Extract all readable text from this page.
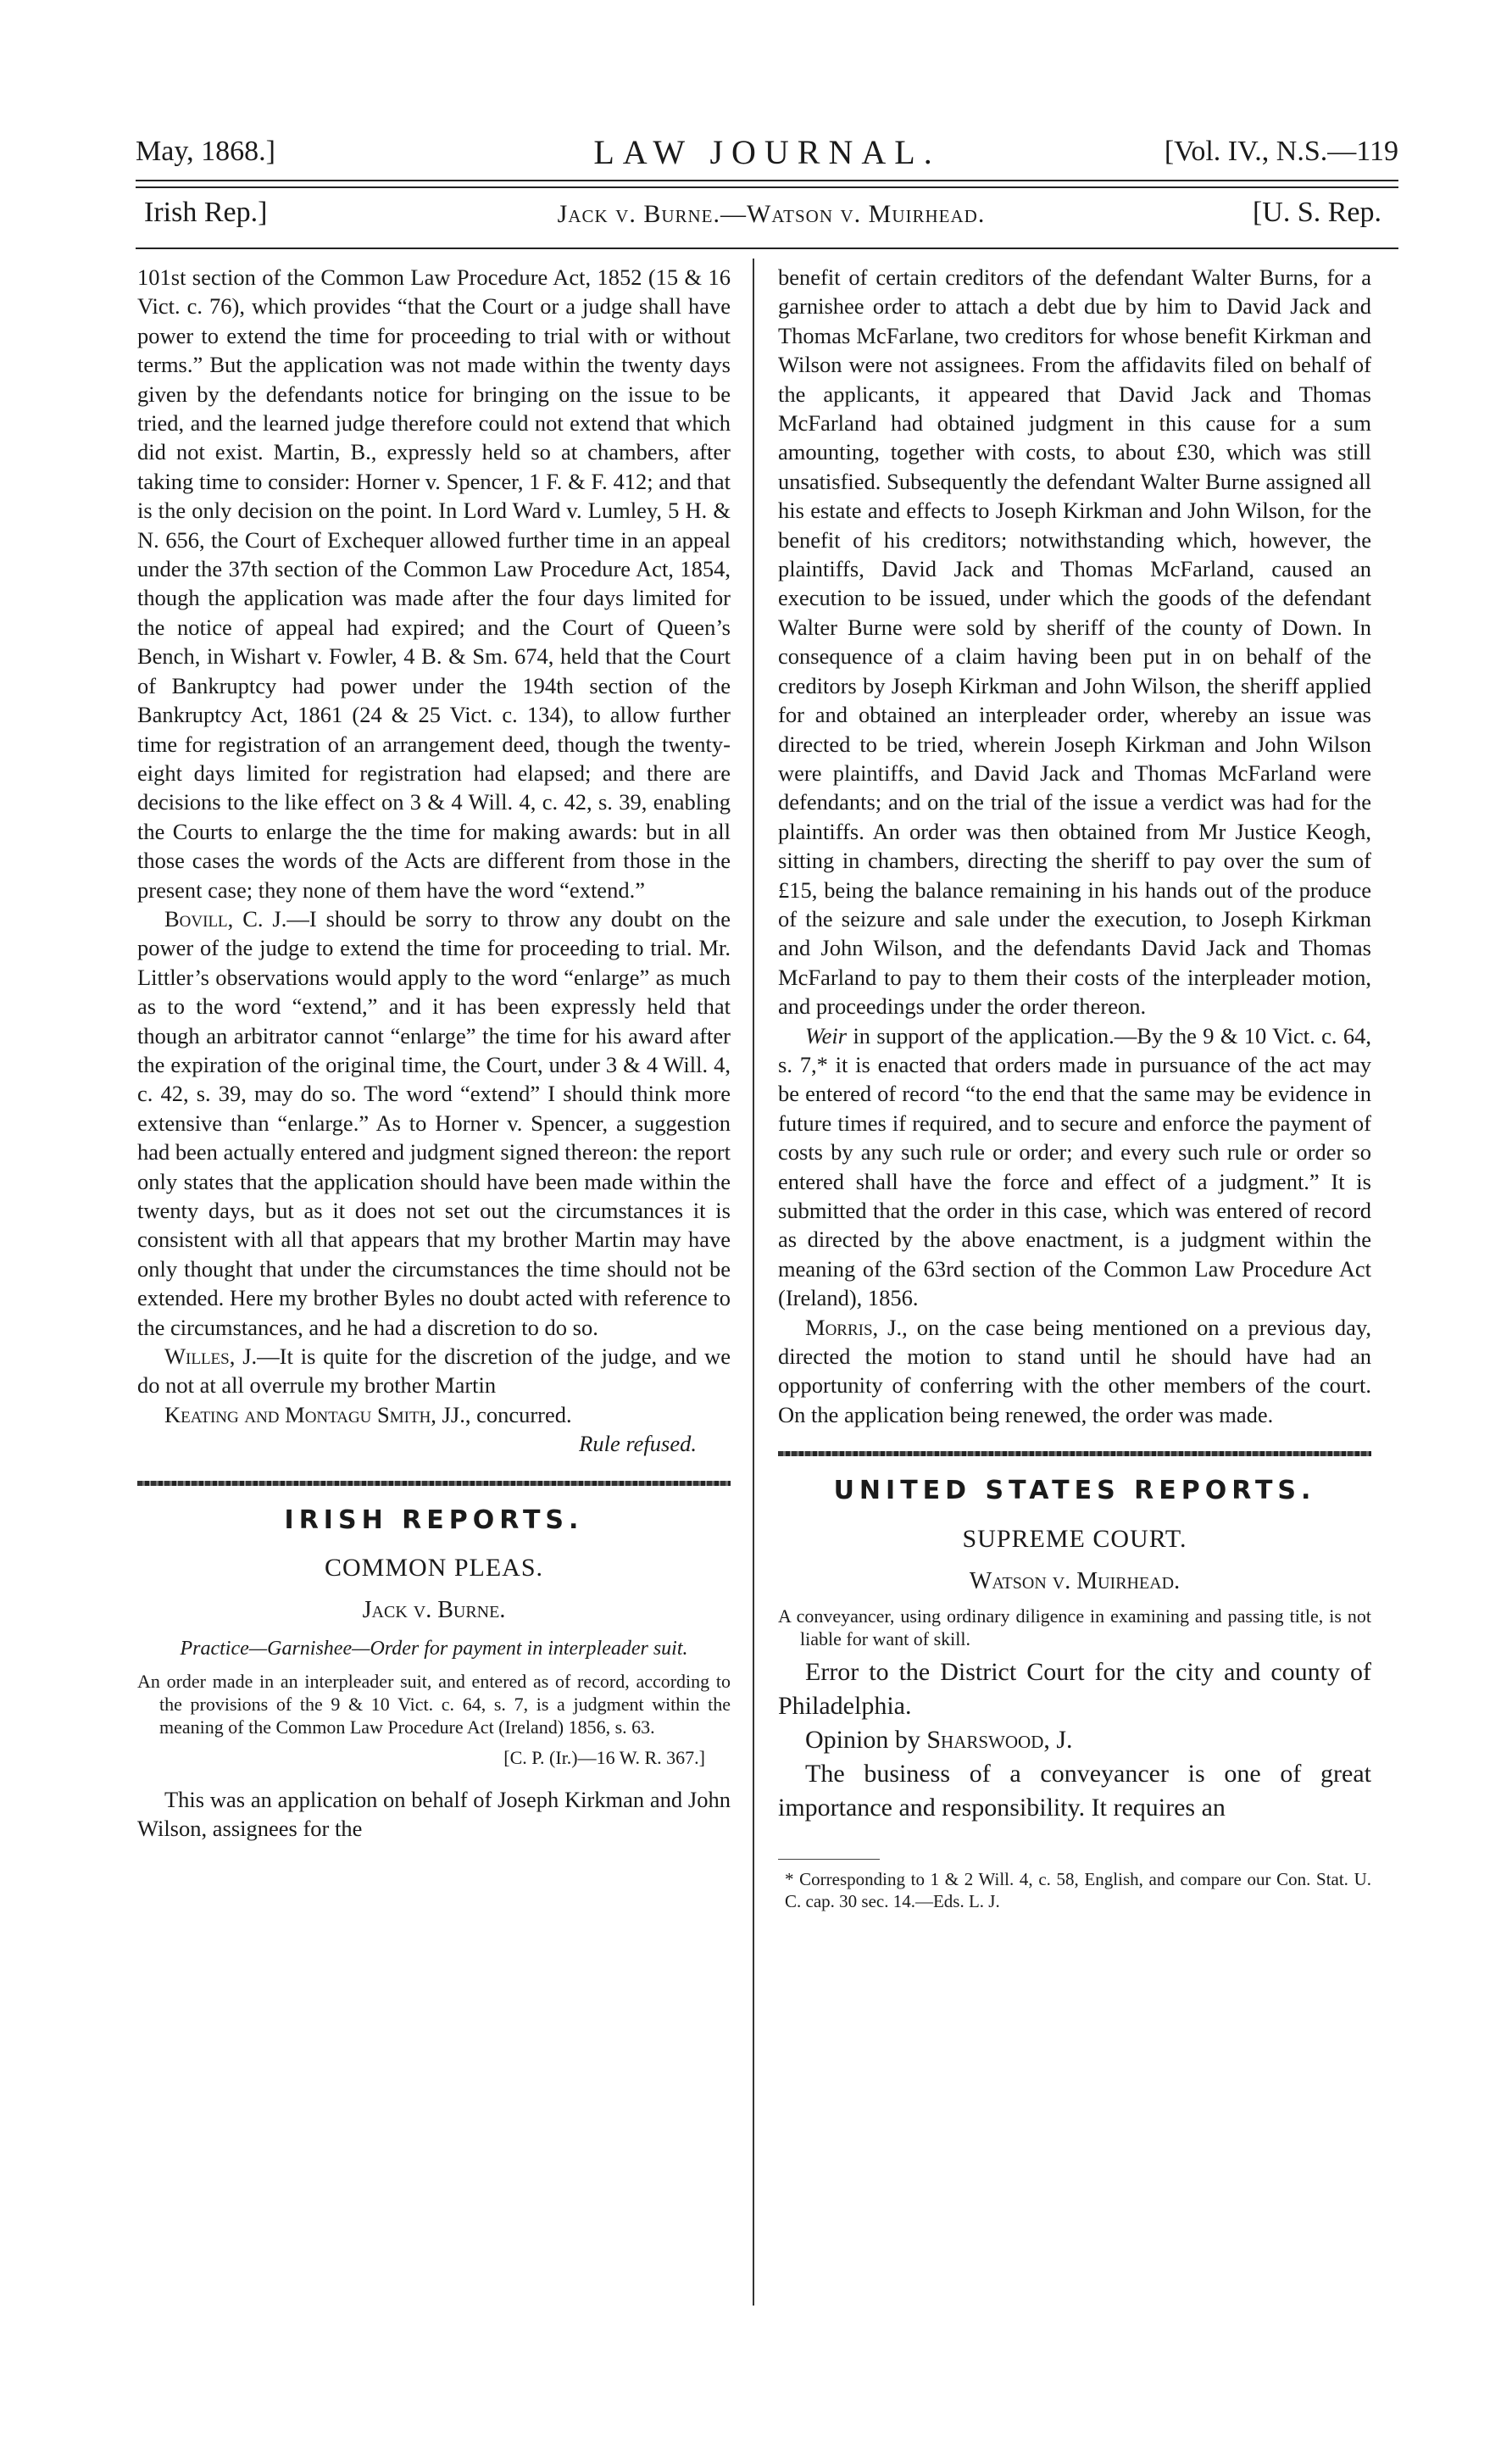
May, 1868.]	LAW JOURNAL.	[Vol. IV., N.S.—119
Irish Rep.]	Jack v. Burne.—Watson v. Muirhead.	[U. S. Rep.

101st section of the Common Law Procedure Act, 1852 (15 & 16 Vict. c. 76), which provides “that the Court or a judge shall have power to extend the time for proceeding to trial with or without terms.” But the application was not made within the twenty days given by the defendants notice for bringing on the issue to be tried, and the learned judge therefore could not extend that which did not exist. Martin, B., expressly held so at chambers, after taking time to consider: Horner v. Spencer, 1 F. & F. 412; and that is the only decision on the point. In Lord Ward v. Lumley, 5 H. & N. 656, the Court of Exchequer allowed further time in an appeal under the 37th section of the Common Law Procedure Act, 1854, though the application was made after the four days limited for the notice of appeal had expired; and the Court of Queen’s Bench, in Wishart v. Fowler, 4 B. & Sm. 674, held that the Court of Bankruptcy had power under the 194th section of the Bankruptcy Act, 1861 (24 & 25 Vict. c. 134), to allow further time for registration of an arrangement deed, though the twenty-eight days limited for registration had elapsed; and there are decisions to the like effect on 3 & 4 Will. 4, c. 42, s. 39, enabling the Courts to enlarge the the time for making awards: but in all those cases the words of the Acts are different from those in the present case; they none of them have the word “extend.”

Bovill, C. J.—I should be sorry to throw any doubt on the power of the judge to extend the time for proceeding to trial. Mr. Littler’s observations would apply to the word “enlarge” as much as to the word “extend,” and it has been expressly held that though an arbitrator cannot “enlarge” the time for his award after the expiration of the original time, the Court, under 3 & 4 Will. 4, c. 42, s. 39, may do so. The word “extend” I should think more extensive than “enlarge.” As to Horner v. Spencer, a suggestion had been actually entered and judgment signed thereon: the report only states that the application should have been made within the twenty days, but as it does not set out the circumstances it is consistent with all that appears that my brother Martin may have only thought that under the circumstances the time should not be extended. Here my brother Byles no doubt acted with reference to the circumstances, and he had a discretion to do so.

Willes, J.—It is quite for the discretion of the judge, and we do not at all overrule my brother Martin

Keating and Montagu Smith, JJ., concurred.

Rule refused.

IRISH REPORTS.
COMMON PLEAS.
Jack v. Burne.
Practice—Garnishee—Order for payment in interpleader suit.

An order made in an interpleader suit, and entered as of record, according to the provisions of the 9 & 10 Vict. c. 64, s. 7, is a judgment within the meaning of the Common Law Procedure Act (Ireland) 1856, s. 63.

[C. P. (Ir.)—16 W. R. 367.]

This was an application on behalf of Joseph Kirkman and John Wilson, assignees for the

benefit of certain creditors of the defendant Walter Burns, for a garnishee order to attach a debt due by him to David Jack and Thomas McFarlane, two creditors for whose benefit Kirkman and Wilson were not assignees. From the affidavits filed on behalf of the applicants, it appeared that David Jack and Thomas McFarland had obtained judgment in this cause for a sum amounting, together with costs, to about £30, which was still unsatisfied. Subsequently the defendant Walter Burne assigned all his estate and effects to Joseph Kirkman and John Wilson, for the benefit of his creditors; notwithstanding which, however, the plaintiffs, David Jack and Thomas McFarland, caused an execution to be issued, under which the goods of the defendant Walter Burne were sold by sheriff of the county of Down. In consequence of a claim having been put in on behalf of the creditors by Joseph Kirkman and John Wilson, the sheriff applied for and obtained an interpleader order, whereby an issue was directed to be tried, wherein Joseph Kirkman and John Wilson were plaintiffs, and David Jack and Thomas McFarland were defendants; and on the trial of the issue a verdict was had for the plaintiffs. An order was then obtained from Mr Justice Keogh, sitting in chambers, directing the sheriff to pay over the sum of £15, being the balance remaining in his hands out of the produce of the seizure and sale under the execution, to Joseph Kirkman and John Wilson, and the defendants David Jack and Thomas McFarland to pay to them their costs of the interpleader motion, and proceedings under the order thereon.

Weir in support of the application.—By the 9 & 10 Vict. c. 64, s. 7,* it is enacted that orders made in pursuance of the act may be entered of record “to the end that the same may be evidence in future times if required, and to secure and enforce the payment of costs by any such rule or order; and every such rule or order so entered shall have the force and effect of a judgment.” It is submitted that the order in this case, which was entered of record as directed by the above enactment, is a judgment within the meaning of the 63rd section of the Common Law Procedure Act (Ireland), 1856.

Morris, J., on the case being mentioned on a previous day, directed the motion to stand until he should have had an opportunity of conferring with the other members of the court. On the application being renewed, the order was made.

UNITED STATES REPORTS.
SUPREME COURT.
Watson v. Muirhead.

A conveyancer, using ordinary diligence in examining and passing title, is not liable for want of skill.

Error to the District Court for the city and county of Philadelphia.

Opinion by Sharswood, J.

The business of a conveyancer is one of great importance and responsibility. It requires an

* Corresponding to 1 & 2 Will. 4, c. 58, English, and compare our Con. Stat. U. C. cap. 30 sec. 14.—Eds. L. J.
